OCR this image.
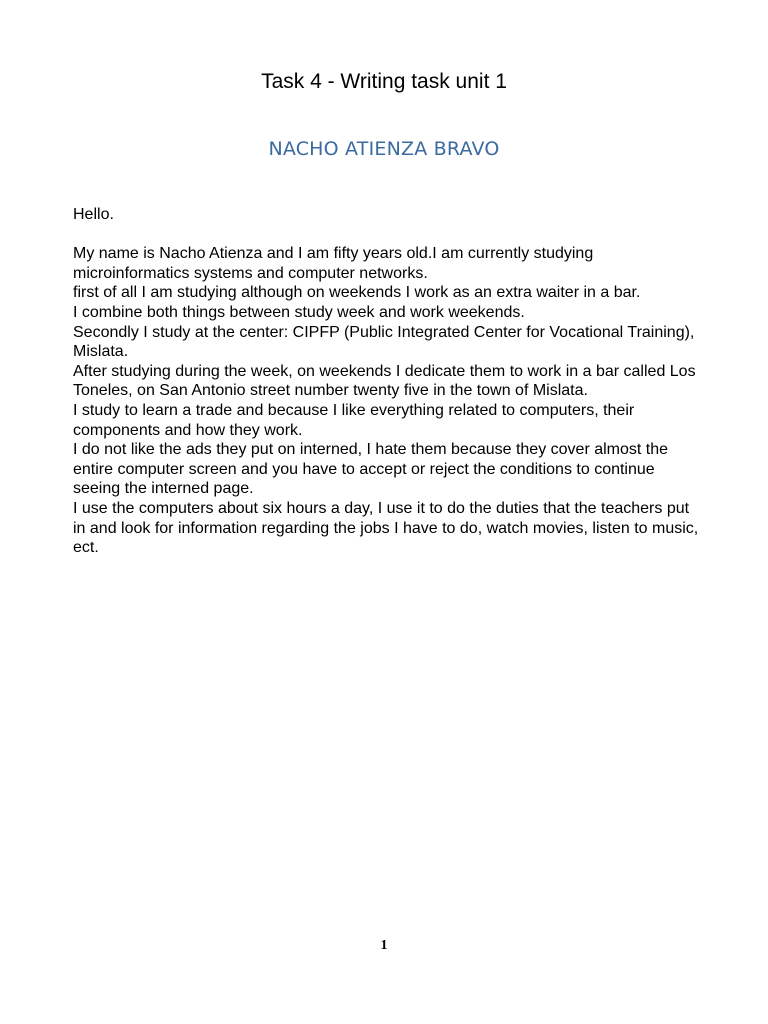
Task 4 - Writing task unit 1
NACHO ATIENZA BRAVO

Hello.

My name is Nacho Atienza and I am fifty years old.I am currently studying microinformatics systems and computer networks.

first of all I am studying although on weekends I work as an extra waiter in a bar.

I combine both things between study week and work weekends.

Secondly I study at the center: CIPFP (Public Integrated Center for Vocational Training), Mislata.

After studying during the week, on weekends I dedicate them to work in a bar called Los Toneles, on San Antonio street number twenty five in the town of Mislata.

I study to learn a trade and because I like everything related to computers, their components and how they work.

I do not like the ads they put on interned, I hate them because they cover almost the entire computer screen and you have to accept or reject the conditions to continue seeing the interned page.

I use the computers about six hours a day, I use it to do the duties that the teachers put in and look for information regarding the jobs I have to do, watch movies, listen to music, ect.

1
